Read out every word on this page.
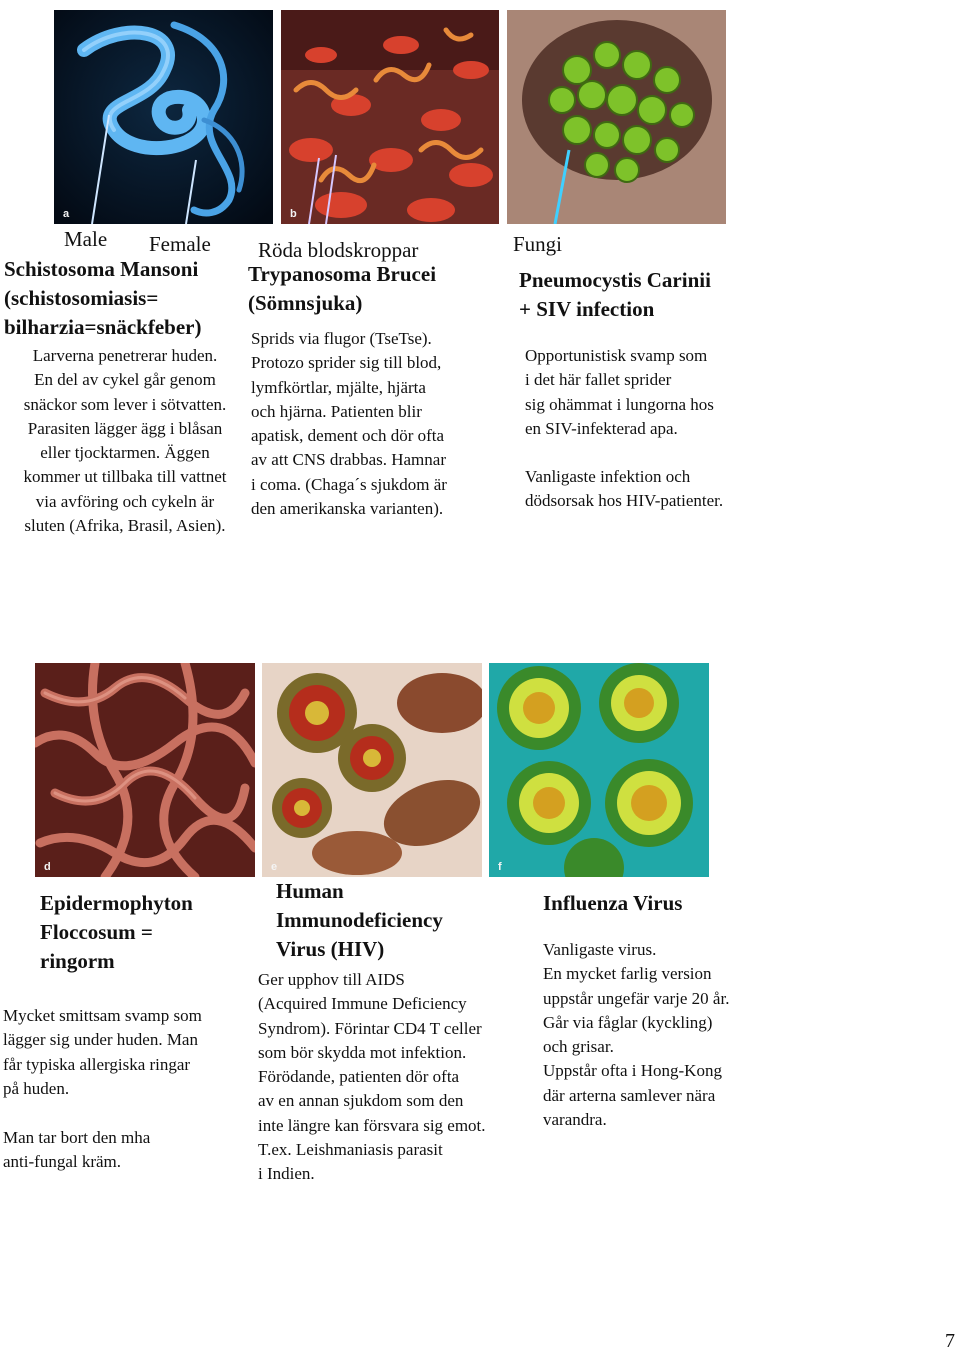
a	b
Male Female
Schistosoma Mansoni
(schistosomiasis=
bilharzia=snäckfeber)
Larverna penetrerar huden.
En del av cykel går genom
snäckor som lever i sötvatten.
Parasiten lägger ägg i blåsan
eller tjocktarmen. Äggen
kommer ut tillbaka till vattnet
via avföring och cykeln är
sluten (Afrika, Brasil, Asien).
Röda blodskroppar
Trypanosoma Brucei
(Sömnsjuka)
Sprids via flugor (TseTse).
Protozo sprider sig till blod,
lymfkörtlar, mjälte, hjärta
och hjärna. Patienten blir
apatisk, dement och dör ofta
av att CNS drabbas. Hamnar
i coma. (Chaga´s sjukdom är
den amerikanska varianten).
Fungi
Pneumocystis Carinii
+ SIV infection
Opportunistisk svamp som
i det här fallet sprider
sig ohämmat i lungorna hos
en SIV-infekterad apa.
Vanligaste infektion och
dödsorsak hos HIV-patienter.
d	e	f
Epidermophyton
Floccosum =
ringorm
Mycket smittsam svamp som
lägger sig under huden. Man
får typiska allergiska ringar
på huden.
Man tar bort den mha
anti-fungal kräm.
Human
Immunodeficiency
Virus (HIV)
Ger upphov till AIDS
(Acquired Immune Deficiency
Syndrom). Förintar CD4 T celler
som bör skydda mot infektion.
Förödande, patienten dör ofta
av en annan sjukdom som den
inte längre kan försvara sig emot.
T.ex. Leishmaniasis parasit
i Indien.
Influenza Virus
Vanligaste virus.
En mycket farlig version
uppstår ungefär varje 20 år.
Går via fåglar (kyckling)
och grisar.
Uppstår ofta i Hong-Kong
där arterna samlever nära
varandra.
7
